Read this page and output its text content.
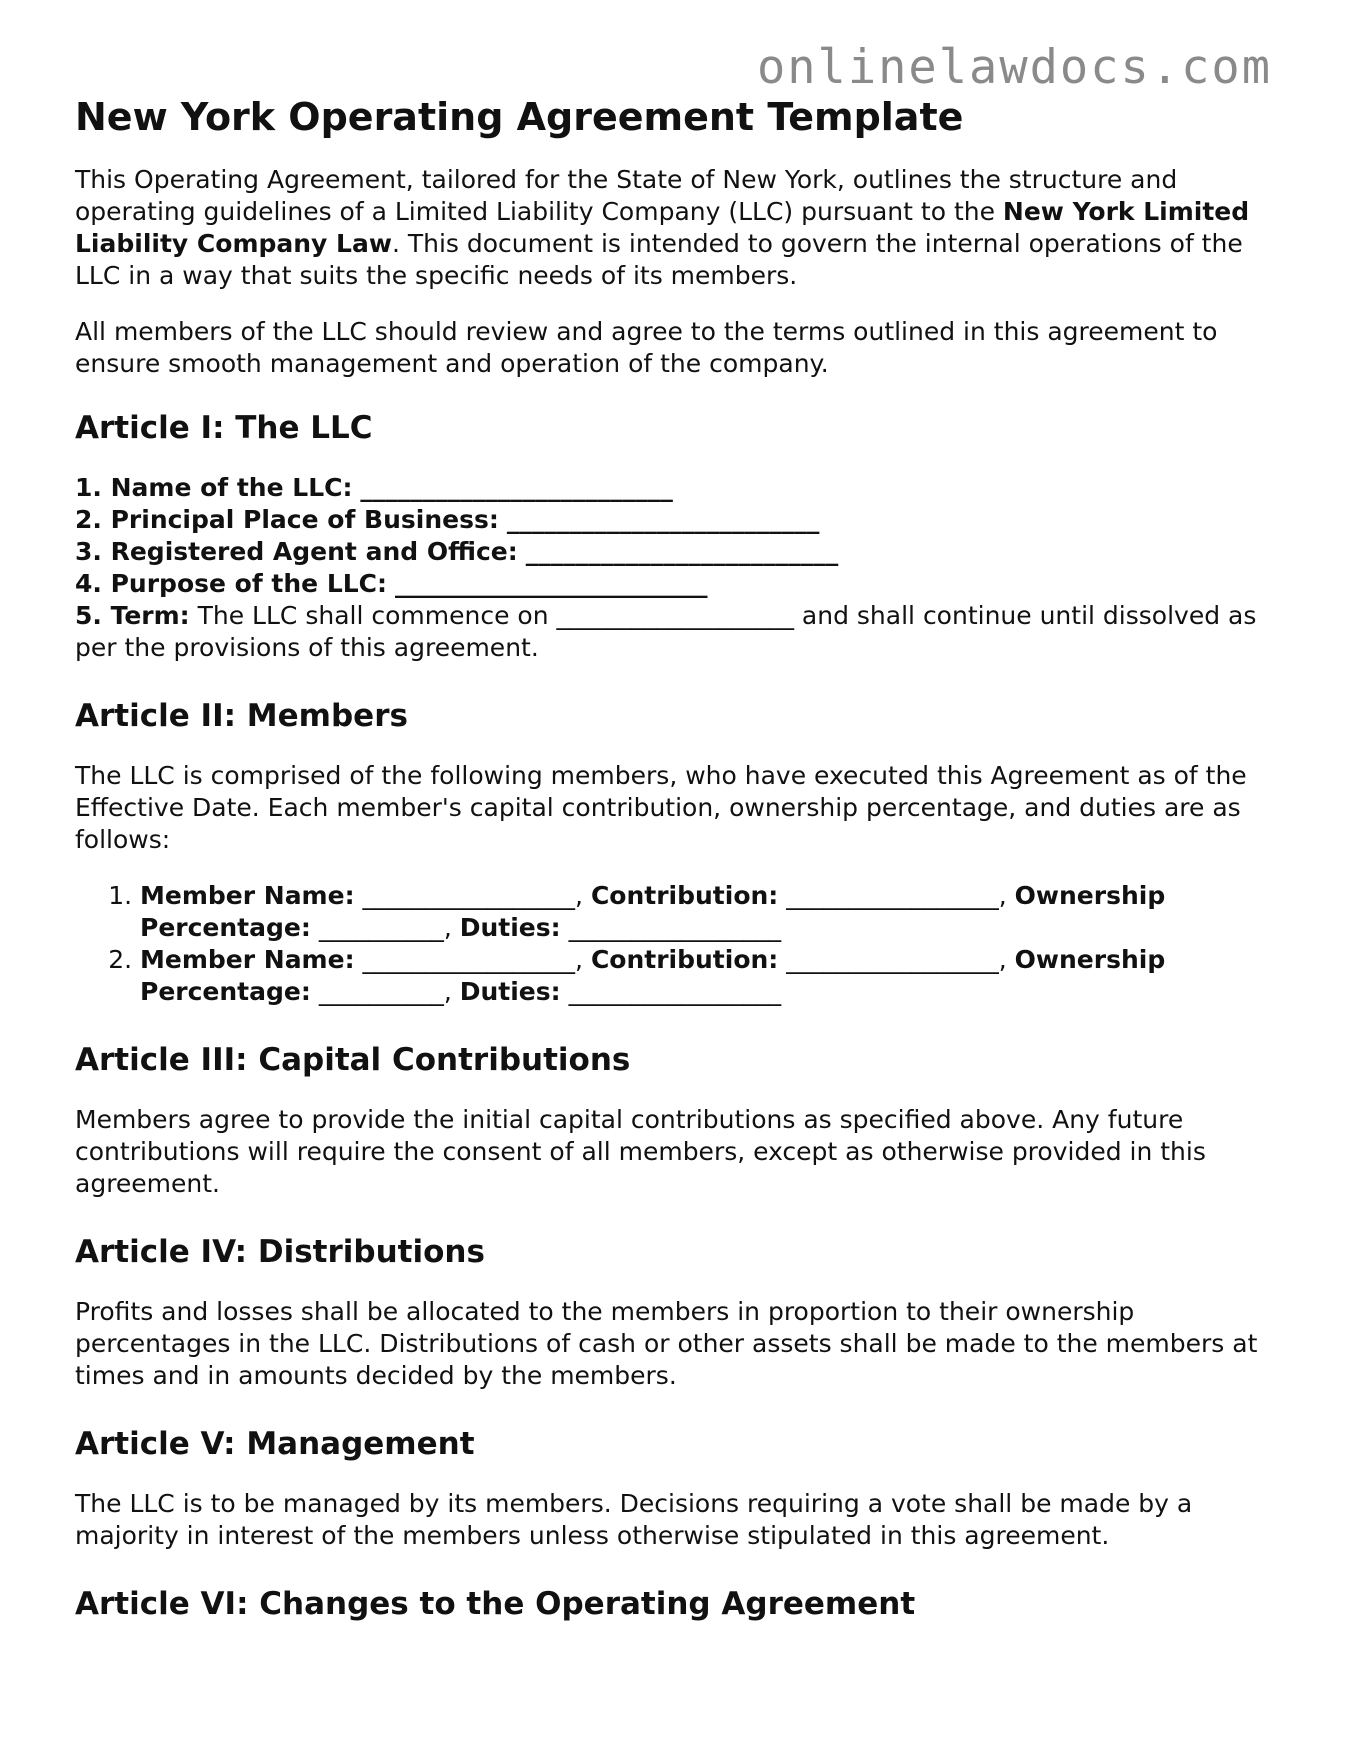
onlinelawdocs.com
New York Operating Agreement Template

This Operating Agreement, tailored for the State of New York, outlines the structure and operating guidelines of a Limited Liability Company (LLC) pursuant to the New York Limited Liability Company Law. This document is intended to govern the internal operations of the LLC in a way that suits the specific needs of its members.

All members of the LLC should review and agree to the terms outlined in this agreement to ensure smooth management and operation of the company.

Article I: The LLC
1. Name of the LLC: _________________________
2. Principal Place of Business: _________________________
3. Registered Agent and Office: _________________________
4. Purpose of the LLC: _________________________
5. Term: The LLC shall commence on ___________________ and shall continue until dissolved as per the provisions of this agreement.
Article II: Members

The LLC is comprised of the following members, who have executed this Agreement as of the Effective Date. Each member's capital contribution, ownership percentage, and duties are as follows:

1. Member Name: _________________, Contribution: _________________, Ownership Percentage: __________, Duties: _________________
2. Member Name: _________________, Contribution: _________________, Ownership Percentage: __________, Duties: _________________
Article III: Capital Contributions

Members agree to provide the initial capital contributions as specified above. Any future contributions will require the consent of all members, except as otherwise provided in this agreement.

Article IV: Distributions

Profits and losses shall be allocated to the members in proportion to their ownership percentages in the LLC. Distributions of cash or other assets shall be made to the members at times and in amounts decided by the members.

Article V: Management

The LLC is to be managed by its members. Decisions requiring a vote shall be made by a majority in interest of the members unless otherwise stipulated in this agreement.

Article VI: Changes to the Operating Agreement
